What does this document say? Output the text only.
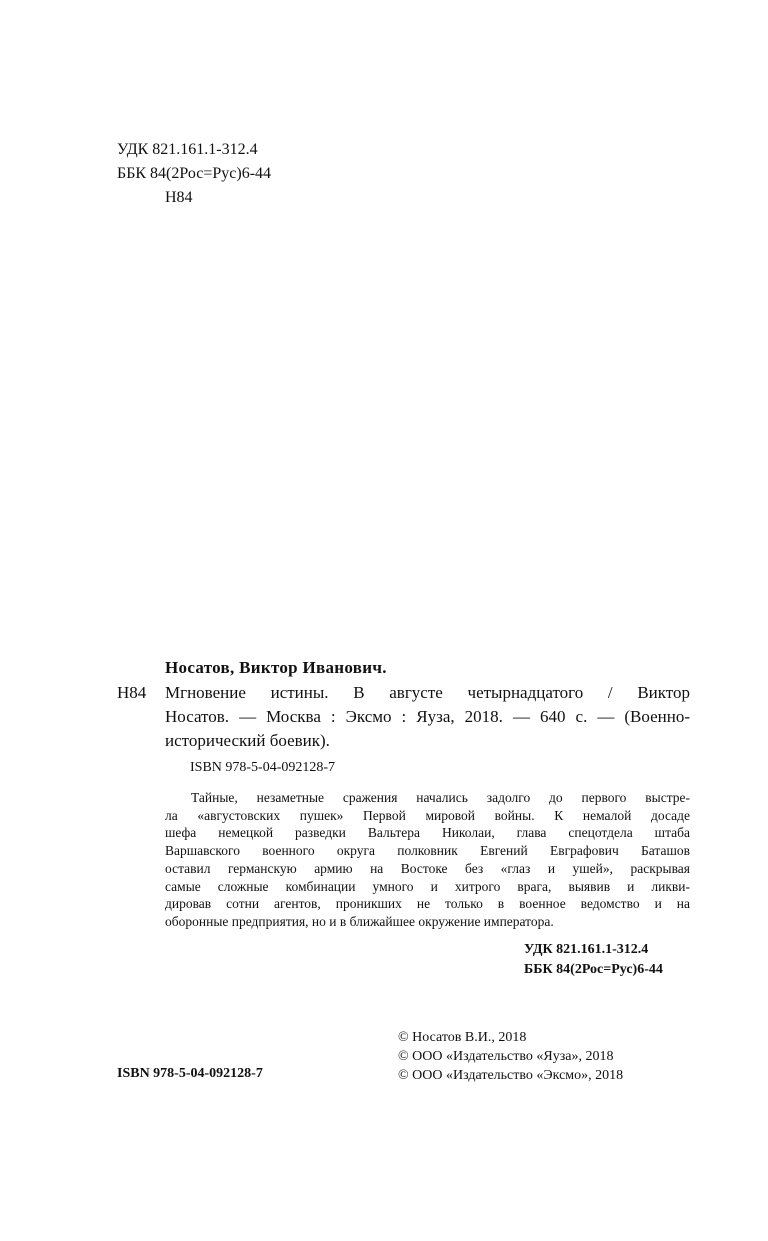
УДК 821.161.1-312.4
ББК 84(2Рос=Рус)6-44
Н84
Носатов, Виктор Иванович.
Н84 Мгновение истины. В августе четырнадцатого / Виктор
Носатов. — Москва : Эксмо : Яуза, 2018. — 640 с. — (Военно-
исторический боевик).
ISBN 978-5-04-092128-7
Тайные, незаметные сражения начались задолго до первого выстре-
ла «августовских пушек» Первой мировой войны. К немалой досаде
шефа немецкой разведки Вальтера Николаи, глава спецотдела штаба
Варшавского военного округа полковник Евгений Евграфович Баташов
оставил германскую армию на Востоке без «глаз и ушей», раскрывая
самые сложные комбинации умного и хитрого врага, выявив и ликви-
дировав сотни агентов, проникших не только в военное ведомство и на
оборонные предприятия, но и в ближайшее окружение императора.
УДК 821.161.1-312.4
ББК 84(2Рос=Рус)6-44
ISBN 978-5-04-092128-7
© Носатов В.И., 2018
© ООО «Издательство «Яуза», 2018
© ООО «Издательство «Эксмо», 2018
